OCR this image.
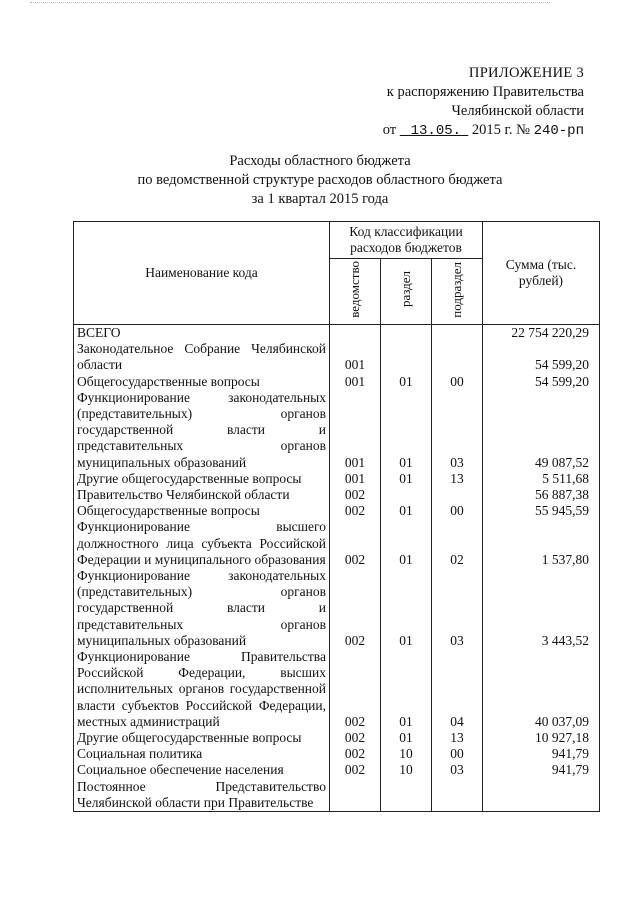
ПРИЛОЖЕНИЕ 3
к распоряжению Правительства
Челябинской области
от 13.05. 2015 г. № 240-рп
Расходы областного бюджета
по ведомственной структуре расходов областного бюджета
за 1 квартал 2015 года
Наименование кода	Код классификации расходов бюджетов			Сумма (тыс. рублей)
	ведомство	раздел	подраздел	
ВСЕГО				22 754 220,29
Законодательное Собрание Челябинской области	001			54 599,20
Общегосударственные вопросы	001	01	00	54 599,20
Функционирование законодательных (представительных) органов государственной власти и представительных органов муниципальных образований	001	01	03	49 087,52
Другие общегосударственные вопросы	001	01	13	5 511,68
Правительство Челябинской области	002			56 887,38
Общегосударственные вопросы	002	01	00	55 945,59
Функционирование высшего должностного лица субъекта Российской Федерации и муниципального образования	002	01	02	1 537,80
Функционирование законодательных (представительных) органов государственной власти и представительных органов муниципальных образований	002	01	03	3 443,52
Функционирование Правительства Российской Федерации, высших исполнительных органов государственной власти субъектов Российской Федерации, местных администраций	002	01	04	40 037,09
Другие общегосударственные вопросы	002	01	13	10 927,18
Социальная политика	002	10	00	941,79
Социальное обеспечение населения	002	10	03	941,79
Постоянное Представительство Челябинской области при Правительстве				
